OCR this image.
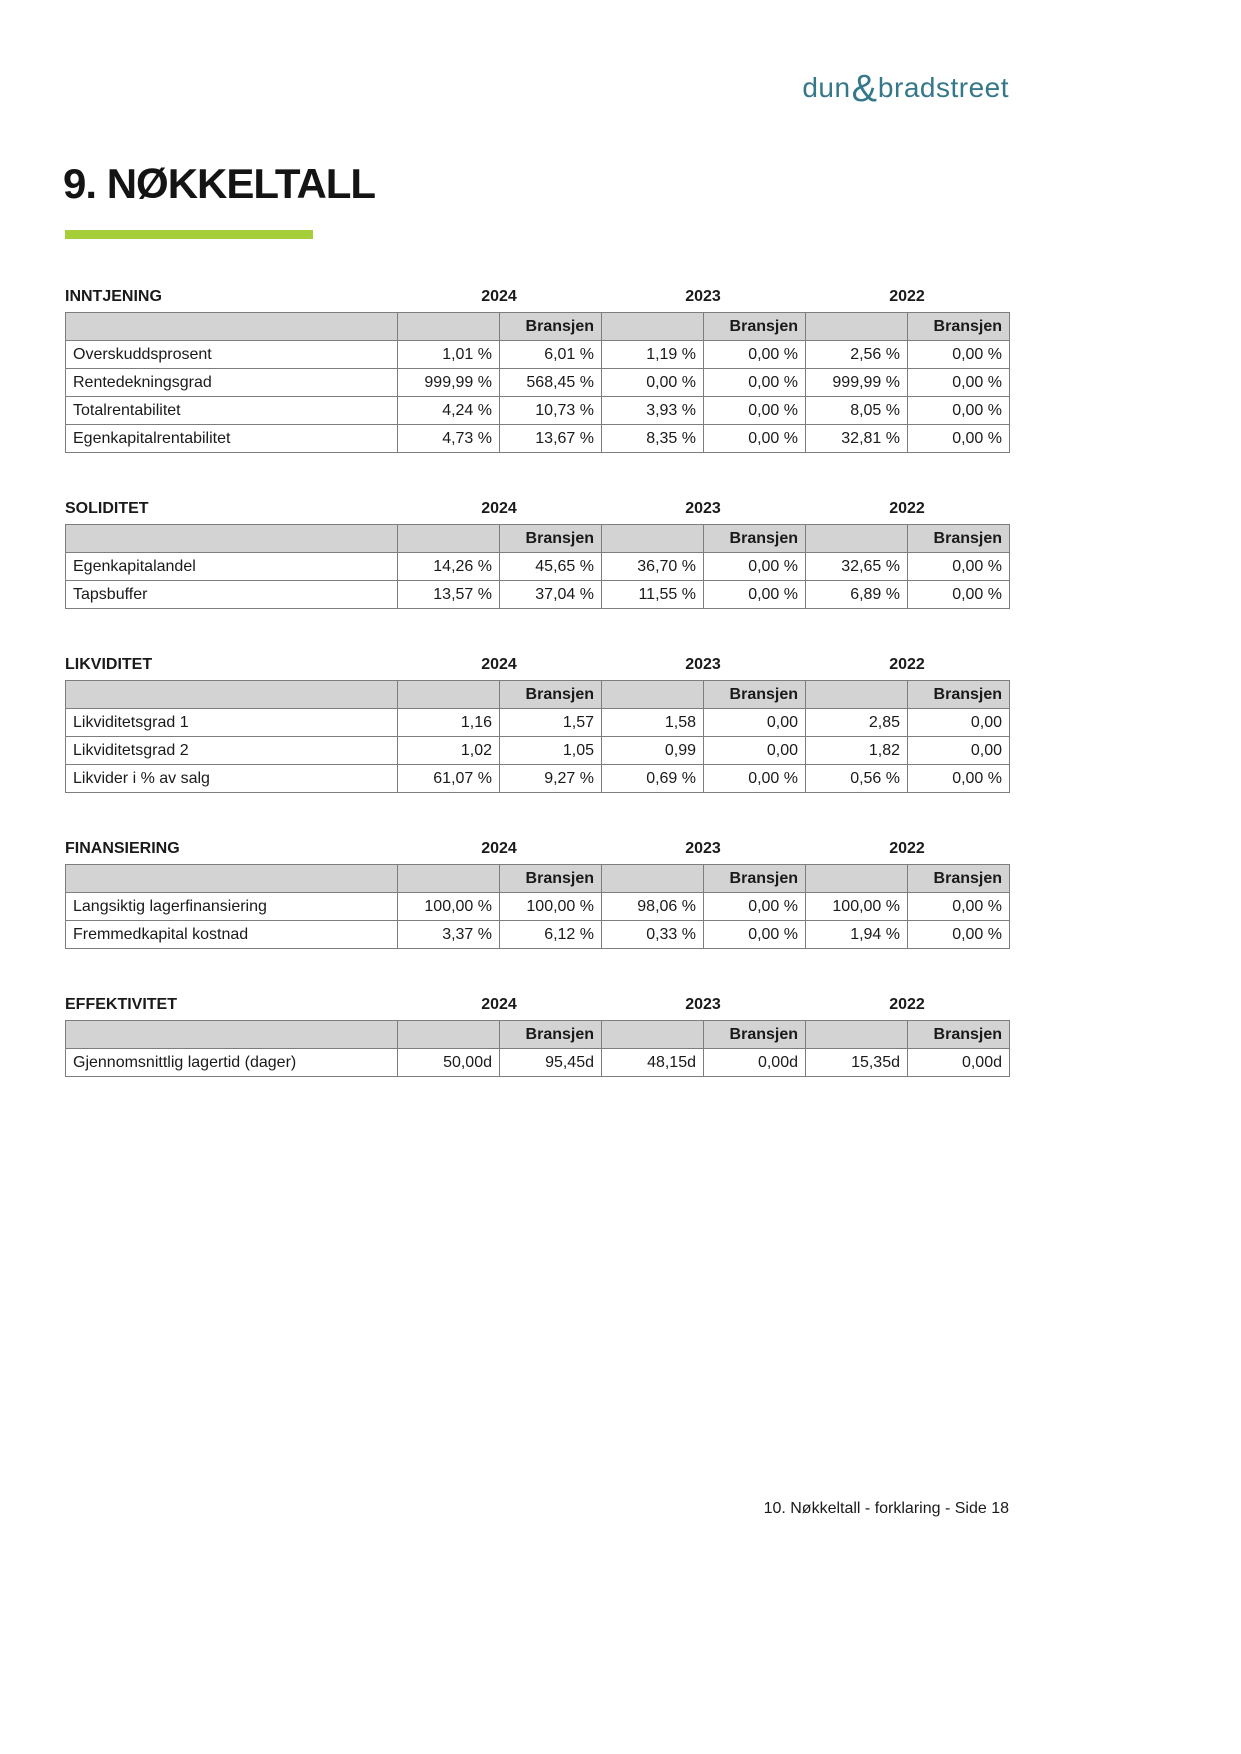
dun&bradstreet
9. NØKKELTALL
INNTJENING	2024	2023	2022
		Bransjen		Bransjen		Bransjen
Overskuddsprosent	1,01 %	6,01 %	1,19 %	0,00 %	2,56 %	0,00 %
Rentedekningsgrad	999,99 %	568,45 %	0,00 %	0,00 %	999,99 %	0,00 %
Totalrentabilitet	4,24 %	10,73 %	3,93 %	0,00 %	8,05 %	0,00 %
Egenkapitalrentabilitet	4,73 %	13,67 %	8,35 %	0,00 %	32,81 %	0,00 %
SOLIDITET	2024	2023	2022
		Bransjen		Bransjen		Bransjen
Egenkapitalandel	14,26 %	45,65 %	36,70 %	0,00 %	32,65 %	0,00 %
Tapsbuffer	13,57 %	37,04 %	11,55 %	0,00 %	6,89 %	0,00 %
LIKVIDITET	2024	2023	2022
		Bransjen		Bransjen		Bransjen
Likviditetsgrad 1	1,16	1,57	1,58	0,00	2,85	0,00
Likviditetsgrad 2	1,02	1,05	0,99	0,00	1,82	0,00
Likvider i % av salg	61,07 %	9,27 %	0,69 %	0,00 %	0,56 %	0,00 %
FINANSIERING	2024	2023	2022
		Bransjen		Bransjen		Bransjen
Langsiktig lagerfinansiering	100,00 %	100,00 %	98,06 %	0,00 %	100,00 %	0,00 %
Fremmedkapital kostnad	3,37 %	6,12 %	0,33 %	0,00 %	1,94 %	0,00 %
EFFEKTIVITET	2024	2023	2022
		Bransjen		Bransjen		Bransjen
Gjennomsnittlig lagertid (dager)	50,00d	95,45d	48,15d	0,00d	15,35d	0,00d
10. Nøkkeltall - forklaring - Side 18
